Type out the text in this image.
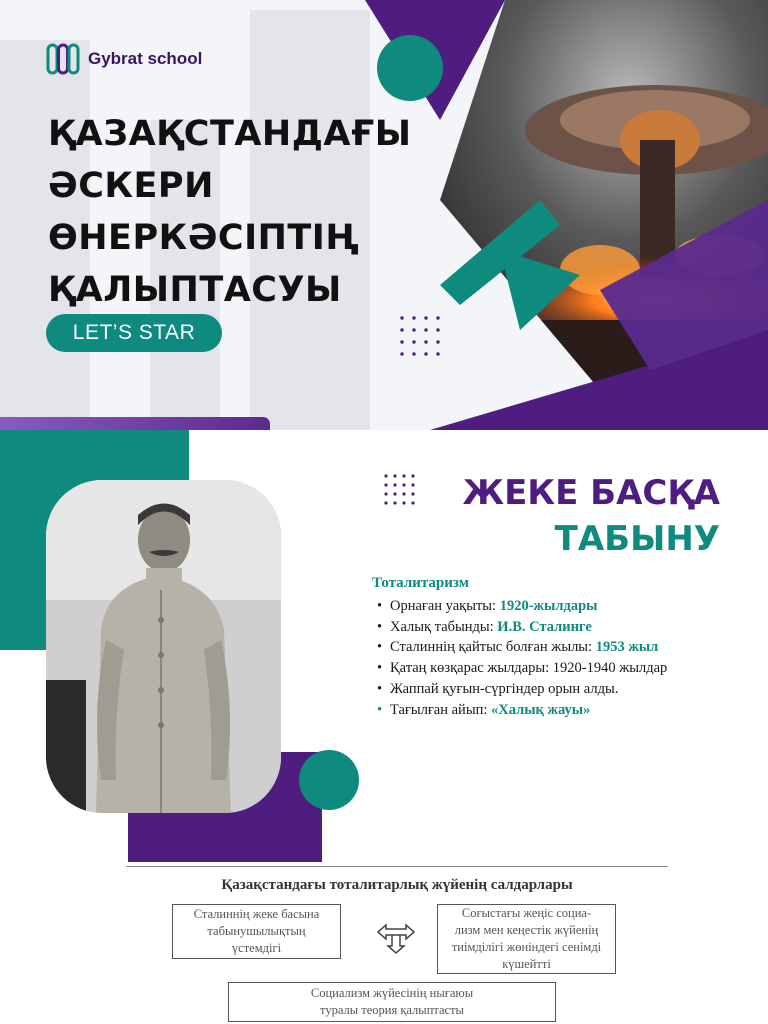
Gybrat school
ҚАЗАҚСТАНДАҒЫ
ӘСКЕРИ
ӨНЕРКӘСІПТІҢ
ҚАЛЫПТАСУЫ
LET’S STAR
ЖЕКЕ БАСҚА
ТАБЫНУ
Тоталитаризм
• Орнаған уақыты: 1920-жылдары
• Халық табынды: И.В. Сталинге
• Сталиннің қайтыс болған жылы: 1953 жыл
• Қатаң көзқарас жылдары: 1920-1940 жылдар
• Жаппай қуғын-сүргіндер орын алды.
• Тағылған айып: «Халық жауы»
Қазақстандағы тоталитарлық жүйенің салдарлары
Сталиннің жеке басына
табынушылықтың
үстемдігі
Соғыстағы жеңіс социа-
лизм мен кеңестік жүйенің
тиімділігі жөніндегі сенімді
күшейтті
Социализм жүйесінің нығаюы
туралы теория қалыптасты
